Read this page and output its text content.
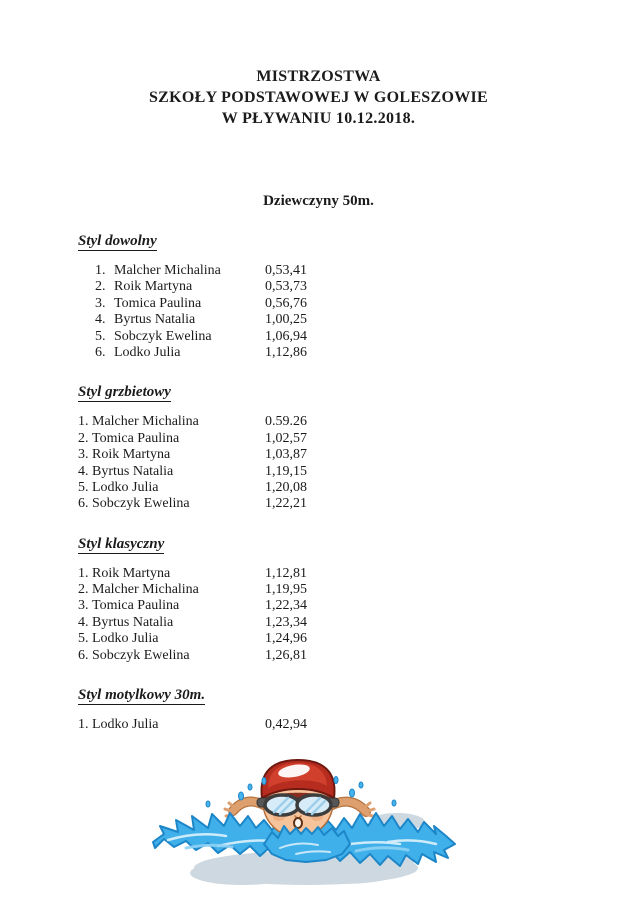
MISTRZOSTWA
SZKOŁY PODSTAWOWEJ W GOLESZOWIE
W PŁYWANIU 10.12.2018.
Dziewczyny 50m.
Styl dowolny
1. Malcher Michalina	0,53,41
2. Roik Martyna	0,53,73
3. Tomica Paulina	0,56,76
4. Byrtus Natalia	1,00,25
5. Sobczyk Ewelina	1,06,94
6. Lodko Julia	1,12,86
Styl grzbietowy
1. Malcher Michalina	0.59.26
2. Tomica Paulina	1,02,57
3. Roik Martyna	1,03,87
4. Byrtus Natalia	1,19,15
5. Lodko Julia	1,20,08
6. Sobczyk Ewelina	1,22,21
Styl klasyczny
1. Roik Martyna	1,12,81
2. Malcher Michalina	1,19,95
3. Tomica Paulina	1,22,34
4. Byrtus Natalia	1,23,34
5. Lodko Julia	1,24,96
6. Sobczyk Ewelina	1,26,81
Styl motylkowy 30m.
1. Lodko Julia	0,42,94
